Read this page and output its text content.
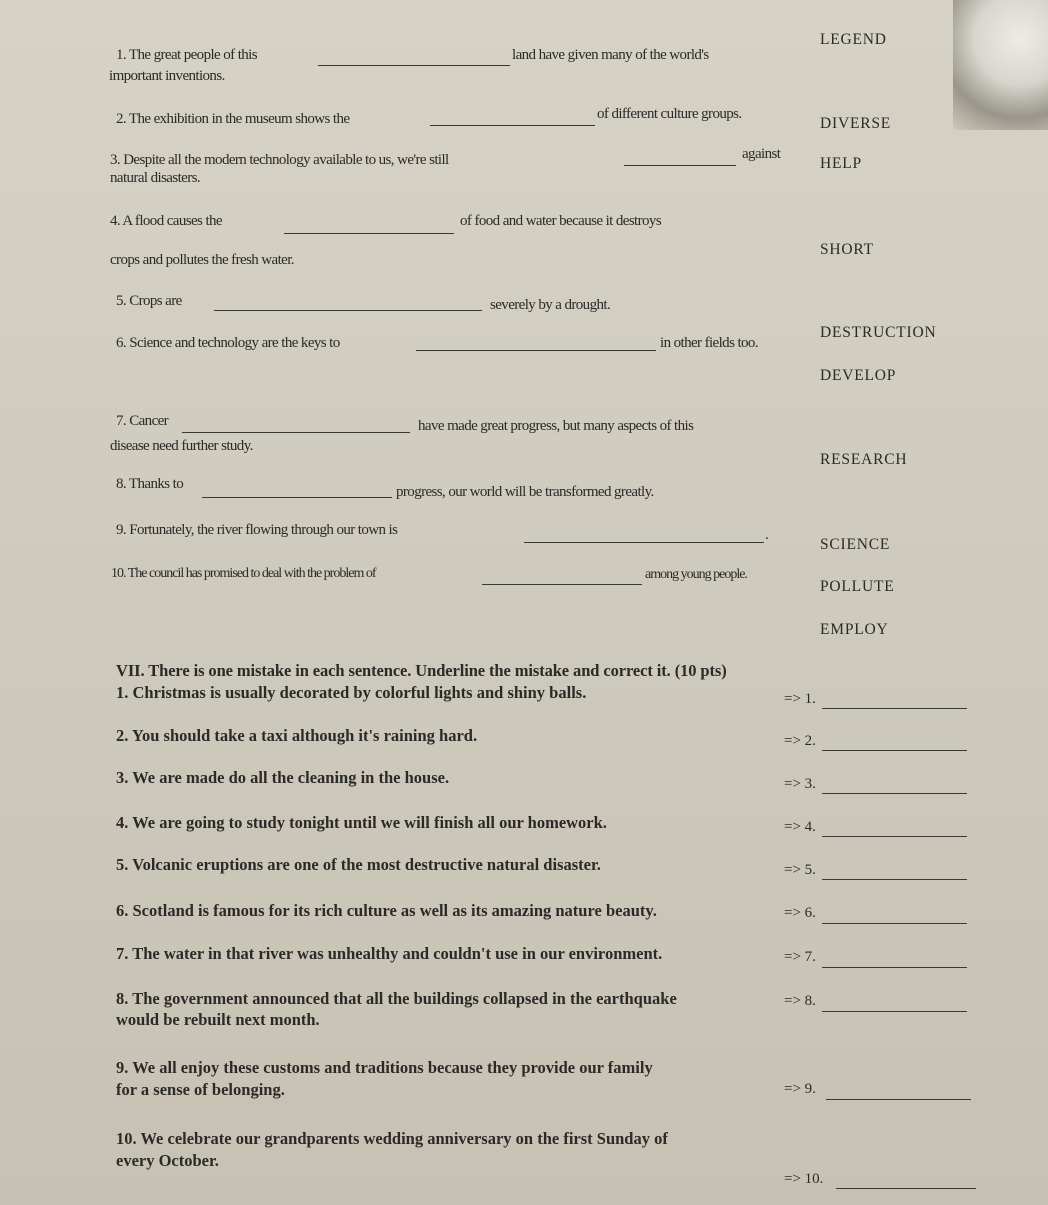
1. The great people of this	land have given many of the world's
important inventions.
2. The exhibition in the museum shows the	of different culture groups.
3. Despite all the modern technology available to us, we're still	against
natural disasters.
4. A flood causes the	of food and water because it destroys
crops and pollutes the fresh water.
5. Crops are	severely by a drought.
6. Science and technology are the keys to	in other fields too.
7. Cancer	have made great progress, but many aspects of this
disease need further study.
8. Thanks to	progress, our world will be transformed greatly.
9. Fortunately, the river flowing through our town is	.
10. The council has promised to deal with the problem of	among young people.
LEGEND
DIVERSE
HELP
SHORT
DESTRUCTION
DEVELOP
RESEARCH
SCIENCE
POLLUTE
EMPLOY
VII. There is one mistake in each sentence. Underline the mistake and correct it. (10 pts)
1. Christmas is usually decorated by colorful lights and shiny balls.	=> 1.
2. You should take a taxi although it's raining hard.	=> 2.
3. We are made do all the cleaning in the house.	=> 3.
4. We are going to study tonight until we will finish all our homework.	=> 4.
5. Volcanic eruptions are one of the most destructive natural disaster.	=> 5.
6. Scotland is famous for its rich culture as well as its amazing nature beauty.	=> 6.
7. The water in that river was unhealthy and couldn't use in our environment.	=> 7.
8. The government announced that all the buildings collapsed in the earthquake
would be rebuilt next month.
=> 8.
9. We all enjoy these customs and traditions because they provide our family
for a sense of belonging.	=> 9.
10. We celebrate our grandparents wedding anniversary on the first Sunday of
every October.
=> 10.
